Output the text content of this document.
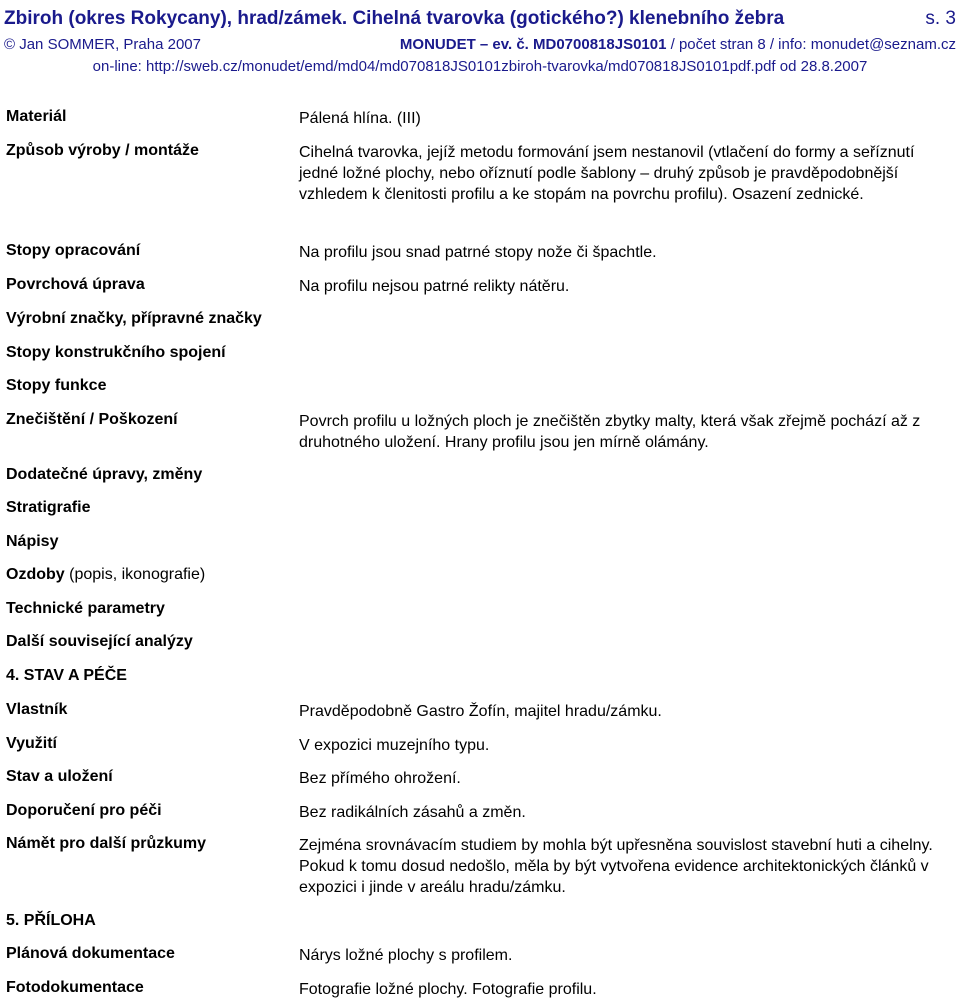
Zbiroh (okres Rokycany), hrad/zámek. Cihelná tvarovka (gotického?) klenebního žebra	s. 3
© Jan SOMMER, Praha 2007	MONUDET – ev. č. MD0700818JS0101 / počet stran 8 / info: monudet@seznam.cz
on-line: http://sweb.cz/monudet/emd/md04/md070818JS0101zbiroh-tvarovka/md070818JS0101pdf.pdf od 28.8.2007
Materiál	Pálená hlína. (III)
Způsob výroby / montáže	Cihelná tvarovka, jejíž metodu formování jsem nestanovil (vtlačení do formy a seříznutí jedné ložné plochy, nebo oříznutí podle šablony – druhý způsob je pravděpodobnější vzhledem k členitosti profilu a ke stopám na povrchu profilu). Osazení zednické.
Stopy opracování	Na profilu jsou snad patrné stopy nože či špachtle.
Povrchová úprava	Na profilu nejsou patrné relikty nátěru.
Výrobní značky, přípravné značky
Stopy konstrukčního spojení
Stopy funkce
Znečištění / Poškození	Povrch profilu u ložných ploch je znečištěn zbytky malty, která však zřejmě pochází až z druhotného uložení. Hrany profilu jsou jen mírně olámány.
Dodatečné úpravy, změny
Stratigrafie
Nápisy
Ozdoby (popis, ikonografie)
Technické parametry
Další související analýzy
4. STAV A PÉČE
Vlastník	Pravděpodobně Gastro Žofín, majitel hradu/zámku.
Využití	V expozici muzejního typu.
Stav a uložení	Bez přímého ohrožení.
Doporučení pro péči	Bez radikálních zásahů a změn.
Námět pro další průzkumy	Zejména srovnávacím studiem by mohla být upřesněna souvislost stavební huti a cihelny. Pokud k tomu dosud nedošlo, měla by být vytvořena evidence architektonických článků v expozici i jinde v areálu hradu/zámku.
5. PŘÍLOHA
Plánová dokumentace	Nárys ložné plochy s profilem.
Fotodokumentace	Fotografie ložné plochy. Fotografie profilu.
